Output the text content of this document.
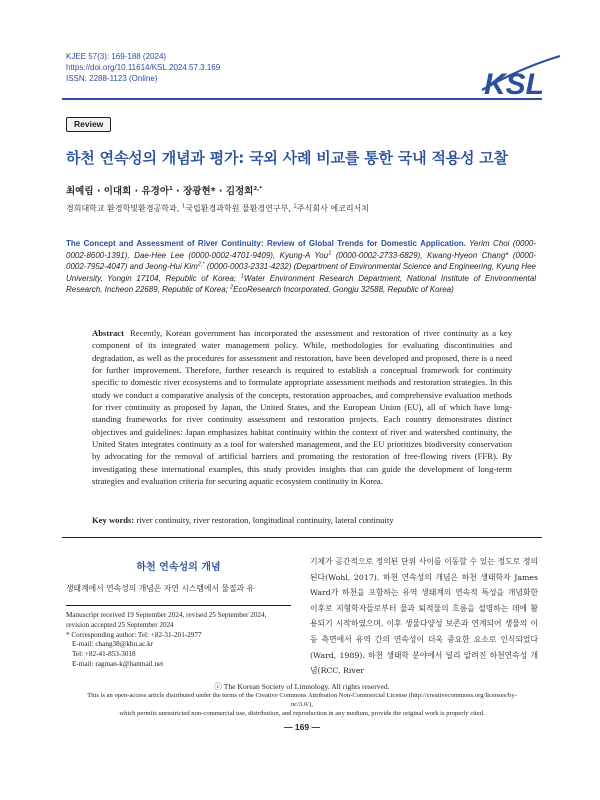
KJEE 57(3): 169-188 (2024)
https://doi.org/10.11614/KSL.2024.57.3.169
ISSN: 2288-1123 (Online)	KSL
Review
하천 연속성의 개념과 평가: 국외 사례 비교를 통한 국내 적용성 고찰
최예림 · 이대희 · 유경아$^1$ · 장광현* · 김정희$^{2,*}$
경희대학교 환경학및환경공학과, $^1$국립환경과학원 물환경연구부, $^2$주식회사 에코리서치

The Concept and Assessment of River Continuity: Review of Global Trends for Domestic Application. Yerim Choi (0000-0002-8600-1391), Dae-Hee Lee (0000-0002-4701-9409), Kyung-A You$^1$ (0000-0002-2733-6829), Kwang-Hyeon Chang* (0000-0002-7952-4047) and Jeong-Hui Kim$^{2,*}$ (0000-0003-2331-4232) (Department of Environmental Science and Engineering, Kyung Hee University, Yongin 17104, Republic of Korea; $^1$Water Environment Research Department, National Institute of Environmental Research, Incheon 22689, Republic of Korea; $^2$EcoResearch Incorporated, Gongju 32588, Republic of Korea)

Abstract Recently, Korean government has incorporated the assessment and restoration of river continuity as a key component of its integrated water management policy. While, methodologies for evaluating discontinuities and degradation, as well as the procedures for assessment and restoration, have been developed and proposed, there is a need for further improvement. Therefore, further research is required to establish a conceptual framework for continuity specific to domestic river ecosystems and to formulate appropriate assessment methods and restoration strategies. In this study we conduct a comparative analysis of the concepts, restoration approaches, and comprehensive evaluation methods for river continuity as proposed by Japan, the United States, and the European Union (EU), all of which have long-standing frameworks for river continuity assessment and restoration projects. Each country demonstrates distinct objectives and guidelines: Japan emphasizes habitat continuity within the context of river and watershed continuity, the United States integrates continuity as a tool for watershed management, and the EU prioritizes biodiversity conservation by advocating for the removal of artificial barriers and promoting the restoration of free-flowing rivers (FFR). By investigating these international examples, this study provides insights that can guide the development of long-term strategies and evaluation criteria for securing aquatic ecosystem continuity in Korea.

Key words: river continuity, river restoration, longitudinal continuity, lateral continuity
하천 연속성의 개념

생태계에서 연속성의 개념은 자연 시스템에서 물질과 유

Manuscript received 19 September 2024, revised 25 September 2024,
revision accepted 25 September 2024
* Corresponding author: Tel: +82-31-201-2977
E-mail: chang38@khu.ac.kr
Tel: +82-41-853-3018
E-mail: ragman-k@hanmail.net

기체가 공간적으로 정의된 단위 사이를 이동할 수 있는 정도로 정의된다(Wohl, 2017). 하천 연속성의 개념은 하천 생태학자 James Ward가 하천을 포함하는 유역 생태계의 연속적 특성을 개념화한 이후로 지형학자들로부터 물과 퇴적물의 흐름을 설명하는 데에 활용되기 시작하였으며, 이후 생물다양성 보존과 연계되어 생물의 이동 측면에서 유역 간의 연속성이 더욱 중요한 요소로 인식되었다(Ward, 1989). 하천 생태학 분야에서 널리 알려진 하천연속성 개념(RCC, River

ⓒ The Korean Society of Limnology. All rights reserved.
This is an open-access article distributed under the terms of the Creative Commons Attribution Non-Commercial License (http://creativecommons.org/licenses/by-nc/3.0/),
which permits unrestricted non-commercial use, distribution, and reproduction in any medium, provide the original work is properly cited.
— 169 —
